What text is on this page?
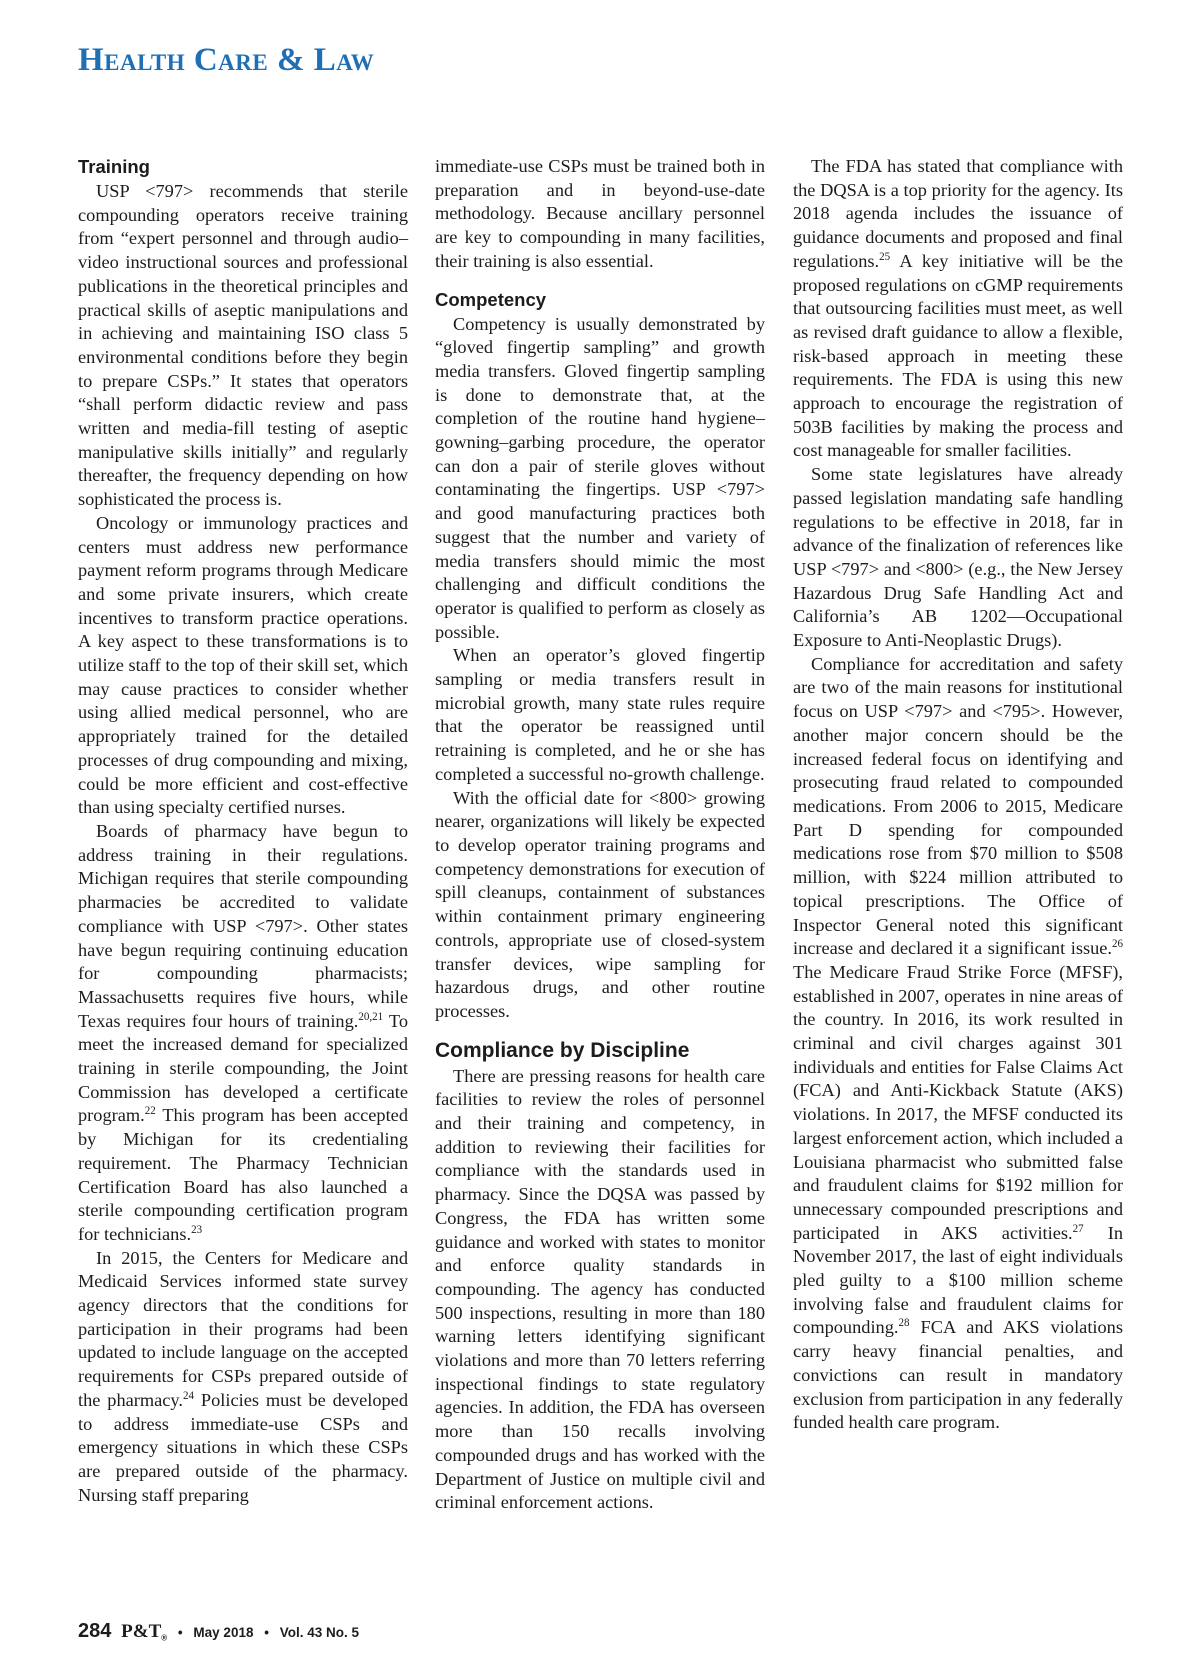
Health Care & Law
Training

USP <797> recommends that sterile compounding operators receive training from “expert personnel and through audio–video instructional sources and professional publications in the theoretical principles and practical skills of aseptic manipulations and in achieving and maintaining ISO class 5 environmental conditions before they begin to prepare CSPs.” It states that operators “shall perform didactic review and pass written and media-fill testing of aseptic manipulative skills initially” and regularly thereafter, the frequency depending on how sophisticated the process is.

Oncology or immunology practices and centers must address new performance payment reform programs through Medicare and some private insurers, which create incentives to transform practice operations. A key aspect to these transformations is to utilize staff to the top of their skill set, which may cause practices to consider whether using allied medical personnel, who are appropriately trained for the detailed processes of drug compounding and mixing, could be more efficient and cost-effective than using specialty certified nurses.

Boards of pharmacy have begun to address training in their regulations. Michigan requires that sterile compounding pharmacies be accredited to validate compliance with USP <797>. Other states have begun requiring continuing education for compounding pharmacists; Massachusetts requires five hours, while Texas requires four hours of training.$^{20,21}$ To meet the increased demand for specialized training in sterile compounding, the Joint Commission has developed a certificate program.$^{22}$ This program has been accepted by Michigan for its credentialing requirement. The Pharmacy Technician Certification Board has also launched a sterile compounding certification program for technicians.$^{23}$

In 2015, the Centers for Medicare and Medicaid Services informed state survey agency directors that the conditions for participation in their programs had been updated to include language on the accepted requirements for CSPs prepared outside of the pharmacy.$^{24}$ Policies must be developed to address immediate-use CSPs and emergency situations in which these CSPs are prepared outside of the pharmacy. Nursing staff preparing

immediate-use CSPs must be trained both in preparation and in beyond-use-date methodology. Because ancillary personnel are key to compounding in many facilities, their training is also essential.

Competency

Competency is usually demonstrated by “gloved fingertip sampling” and growth media transfers. Gloved fingertip sampling is done to demonstrate that, at the completion of the routine hand hygiene–gowning–garbing procedure, the operator can don a pair of sterile gloves without contaminating the fingertips. USP <797> and good manufacturing practices both suggest that the number and variety of media transfers should mimic the most challenging and difficult conditions the operator is qualified to perform as closely as possible.

When an operator’s gloved fingertip sampling or media transfers result in microbial growth, many state rules require that the operator be reassigned until retraining is completed, and he or she has completed a successful no-growth challenge.

With the official date for <800> growing nearer, organizations will likely be expected to develop operator training programs and competency demonstrations for execution of spill cleanups, containment of substances within containment primary engineering controls, appropriate use of closed-system transfer devices, wipe sampling for hazardous drugs, and other routine processes.

Compliance by Discipline

There are pressing reasons for health care facilities to review the roles of personnel and their training and competency, in addition to reviewing their facilities for compliance with the standards used in pharmacy. Since the DQSA was passed by Congress, the FDA has written some guidance and worked with states to monitor and enforce quality standards in compounding. The agency has conducted 500 inspections, resulting in more than 180 warning letters identifying significant violations and more than 70 letters referring inspectional findings to state regulatory agencies. In addition, the FDA has overseen more than 150 recalls involving compounded drugs and has worked with the Department of Justice on multiple civil and criminal enforcement actions.

The FDA has stated that compliance with the DQSA is a top priority for the agency. Its 2018 agenda includes the issuance of guidance documents and proposed and final regulations.$^{25}$ A key initiative will be the proposed regulations on cGMP requirements that outsourcing facilities must meet, as well as revised draft guidance to allow a flexible, risk-based approach in meeting these requirements. The FDA is using this new approach to encourage the registration of 503B facilities by making the process and cost manageable for smaller facilities.

Some state legislatures have already passed legislation mandating safe handling regulations to be effective in 2018, far in advance of the finalization of references like USP <797> and <800> (e.g., the New Jersey Hazardous Drug Safe Handling Act and California’s AB 1202—Occupational Exposure to Anti-Neoplastic Drugs).

Compliance for accreditation and safety are two of the main reasons for institutional focus on USP <797> and <795>. However, another major concern should be the increased federal focus on identifying and prosecuting fraud related to compounded medications. From 2006 to 2015, Medicare Part D spending for compounded medications rose from $70 million to $508 million, with $224 million attributed to topical prescriptions. The Office of Inspector General noted this significant increase and declared it a significant issue.$^{26}$ The Medicare Fraud Strike Force (MFSF), established in 2007, operates in nine areas of the country. In 2016, its work resulted in criminal and civil charges against 301 individuals and entities for False Claims Act (FCA) and Anti-Kickback Statute (AKS) violations. In 2017, the MFSF conducted its largest enforcement action, which included a Louisiana pharmacist who submitted false and fraudulent claims for $192 million for unnecessary compounded prescriptions and participated in AKS activities.$^{27}$ In November 2017, the last of eight individuals pled guilty to a $100 million scheme involving false and fraudulent claims for compounding.$^{28}$ FCA and AKS violations carry heavy financial penalties, and convictions can result in mandatory exclusion from participation in any federally funded health care program.

284 $P\&T_®$ • May 2018 • Vol. 43 No. 5
